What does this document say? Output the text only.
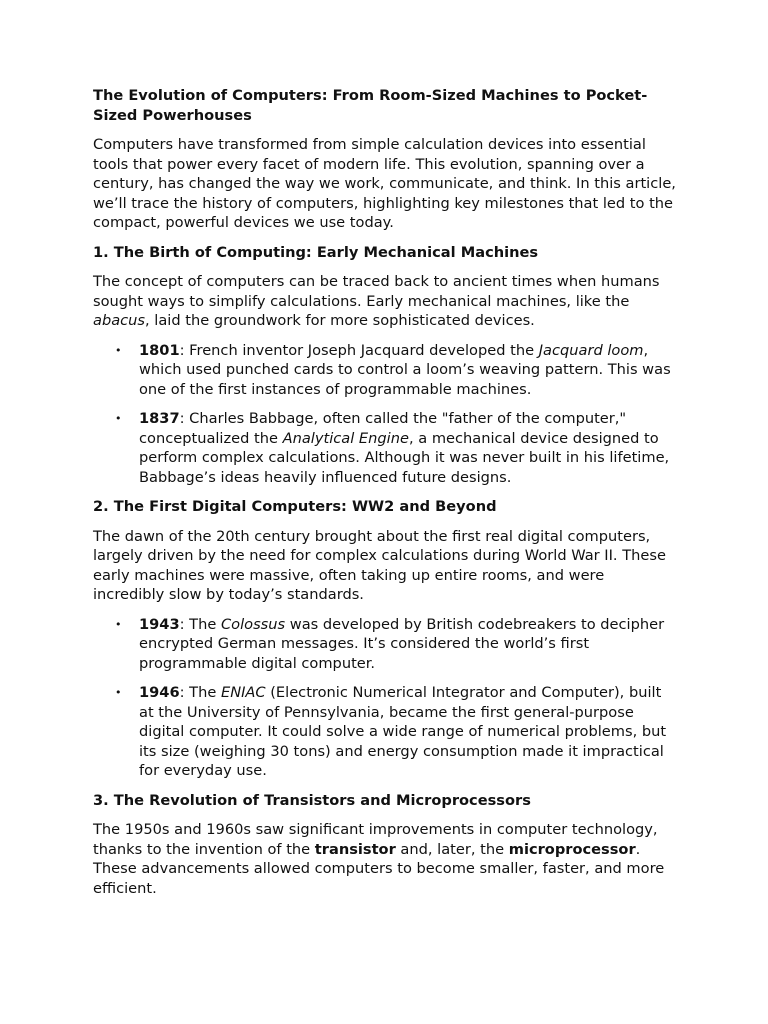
The Evolution of Computers: From Room-Sized Machines to Pocket-Sized Powerhouses

Computers have transformed from simple calculation devices into essential tools that power every facet of modern life. This evolution, spanning over a century, has changed the way we work, communicate, and think. In this article, we’ll trace the history of computers, highlighting key milestones that led to the compact, powerful devices we use today.

1. The Birth of Computing: Early Mechanical Machines

The concept of computers can be traced back to ancient times when humans sought ways to simplify calculations. Early mechanical machines, like the abacus, laid the groundwork for more sophisticated devices.

• 1801: French inventor Joseph Jacquard developed the Jacquard loom, which used punched cards to control a loom’s weaving pattern. This was one of the first instances of programmable machines.
• 1837: Charles Babbage, often called the "father of the computer," conceptualized the Analytical Engine, a mechanical device designed to perform complex calculations. Although it was never built in his lifetime, Babbage’s ideas heavily influenced future designs.
2. The First Digital Computers: WW2 and Beyond

The dawn of the 20th century brought about the first real digital computers, largely driven by the need for complex calculations during World War II. These early machines were massive, often taking up entire rooms, and were incredibly slow by today’s standards.

• 1943: The Colossus was developed by British codebreakers to decipher encrypted German messages. It’s considered the world’s first programmable digital computer.
• 1946: The ENIAC (Electronic Numerical Integrator and Computer), built at the University of Pennsylvania, became the first general-purpose digital computer. It could solve a wide range of numerical problems, but its size (weighing 30 tons) and energy consumption made it impractical for everyday use.
3. The Revolution of Transistors and Microprocessors

The 1950s and 1960s saw significant improvements in computer technology, thanks to the invention of the transistor and, later, the microprocessor. These advancements allowed computers to become smaller, faster, and more efficient.
